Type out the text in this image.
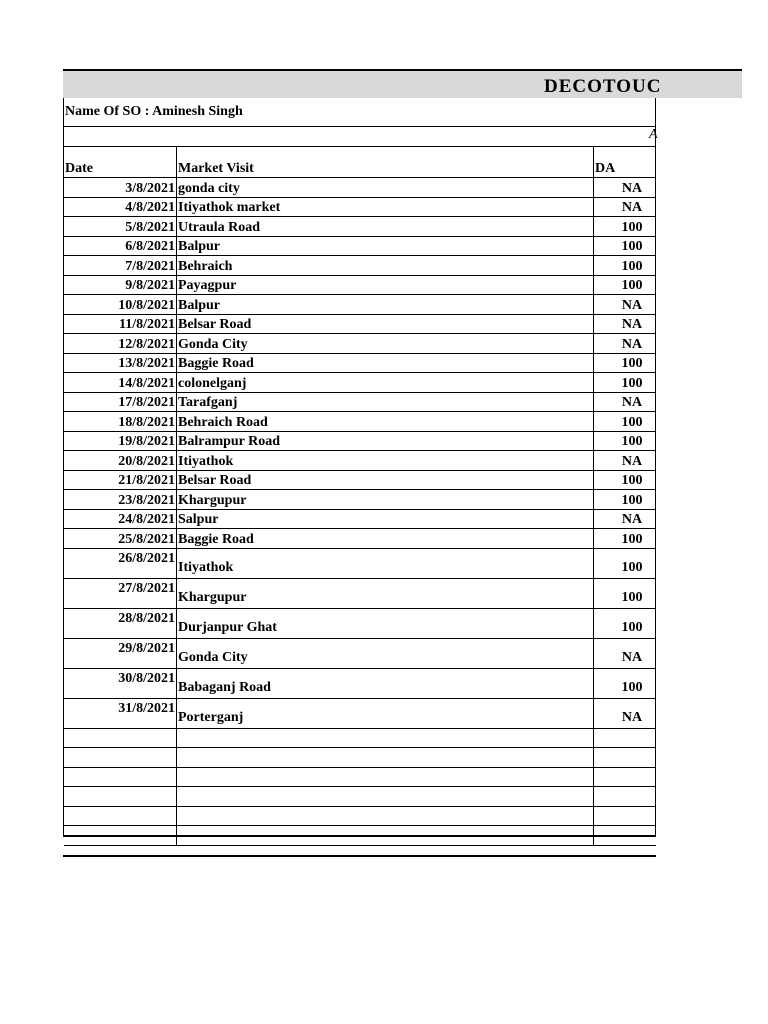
DECOTOUC
Name Of SO : Aminesh Singh
A
Date	Market Visit	DA
3/8/2021	gonda city	NA
4/8/2021	Itiyathok market	NA
5/8/2021	Utraula Road	100
6/8/2021	Balpur	100
7/8/2021	Behraich	100
9/8/2021	Payagpur	100
10/8/2021	Balpur	NA
11/8/2021	Belsar Road	NA
12/8/2021	Gonda City	NA
13/8/2021	Baggie Road	100
14/8/2021	colonelganj	100
17/8/2021	Tarafganj	NA
18/8/2021	Behraich Road	100
19/8/2021	Balrampur Road	100
20/8/2021	Itiyathok	NA
21/8/2021	Belsar Road	100
23/8/2021	Khargupur	100
24/8/2021	Salpur	NA
25/8/2021	Baggie Road	100
26/8/2021	Itiyathok	100
27/8/2021	Khargupur	100
28/8/2021	Durjanpur Ghat	100
29/8/2021	Gonda City	NA
30/8/2021	Babaganj Road	100
31/8/2021	Porterganj	NA
